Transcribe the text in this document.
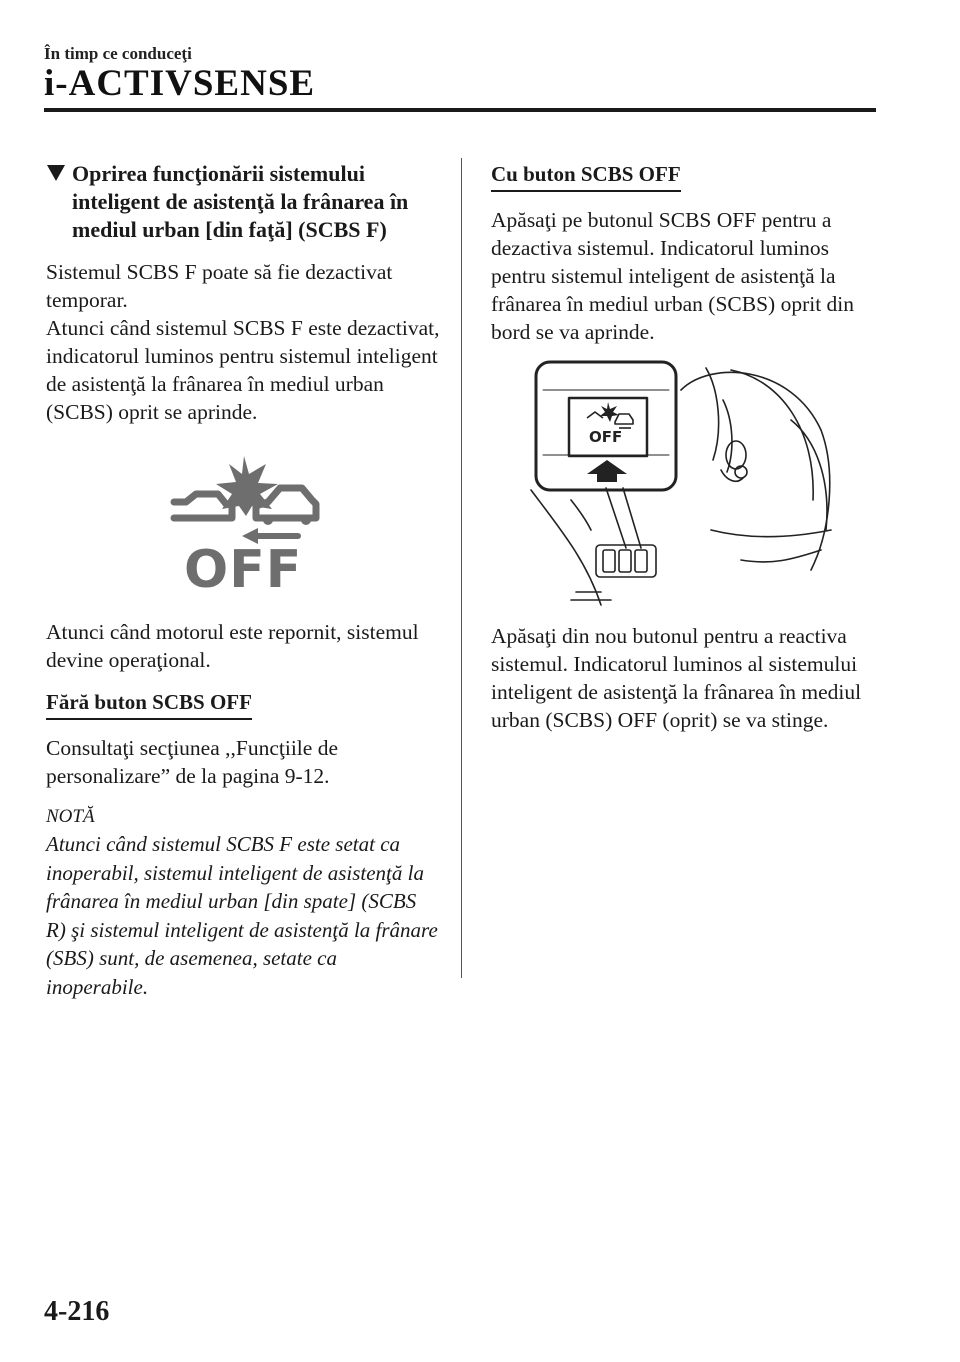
În timp ce conduceţi
i-ACTIVSENSE
Oprirea funcţionării sistemului inteligent de asistenţă la frânarea în mediul urban [din faţă] (SCBS F)

Sistemul SCBS F poate să fie dezactivat temporar.

Atunci când sistemul SCBS F este dezactivat, indicatorul luminos pentru sistemul inteligent de asistenţă la frânarea în mediul urban (SCBS) oprit se aprinde.

OFF

Atunci când motorul este repornit, sistemul devine operaţional.

Fără buton SCBS OFF

Consultaţi secţiunea ,,Funcţiile de personalizare” de la pagina 9-12.

NOTĂ

Atunci când sistemul SCBS F este setat ca inoperabil, sistemul inteligent de asistenţă la frânarea în mediul urban [din spate] (SCBS R) şi sistemul inteligent de asistenţă la frânare (SBS) sunt, de asemenea, setate ca inoperabile.

Cu buton SCBS OFF

Apăsaţi pe butonul SCBS OFF pentru a dezactiva sistemul. Indicatorul luminos pentru sistemul inteligent de asistenţă la frânarea în mediul urban (SCBS) oprit din bord se va aprinde.

OFF

Apăsaţi din nou butonul pentru a reactiva sistemul. Indicatorul luminos al sistemului inteligent de asistenţă la frânarea în mediul urban (SCBS) OFF (oprit) se va stinge.

4-216
